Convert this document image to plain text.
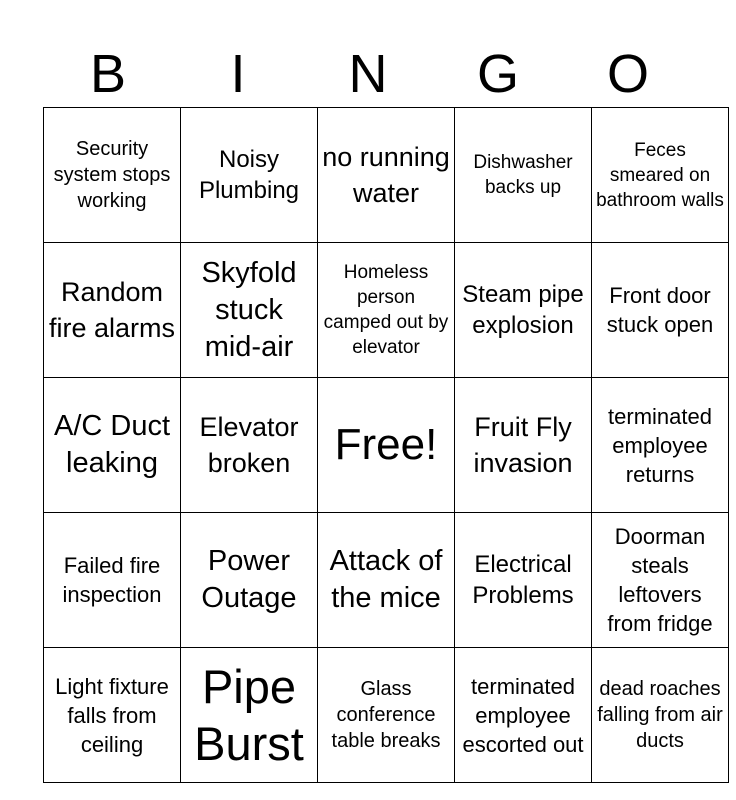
B	I	N	G	O
Security system stops working	Noisy Plumbing	no running water	Dishwasher backs up	Feces smeared on bathroom walls
Random fire alarms	Skyfold stuck mid-air	Homeless person camped out by elevator	Steam pipe explosion	Front door stuck open
A/C Duct leaking	Elevator broken	Free!	Fruit Fly invasion	terminated employee returns
Failed fire inspection	Power Outage	Attack of the mice	Electrical Problems	Doorman steals leftovers from fridge
Light fixture falls from ceiling	Pipe Burst	Glass conference table breaks	terminated employee escorted out	dead roaches falling from air ducts
